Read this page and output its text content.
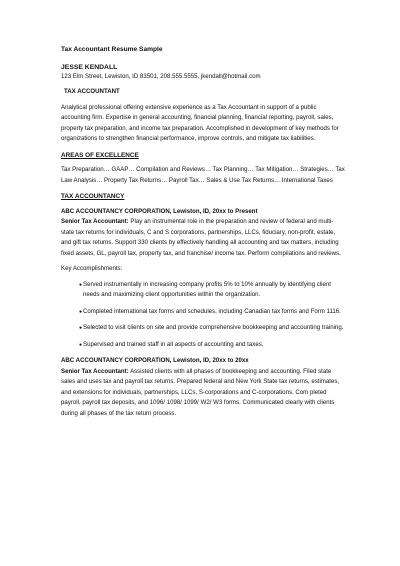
Tax Accountant Resume Sample
JESSE KENDALL
123 Elm Street, Lewiston, ID 83501, 208.555.5555, jkendall@hotmail.com
TAX ACCOUNTANT
Analytical professional offering extensive experience as a Tax Accountant in support of a public accounting firm. Expertise in general accounting, financial planning, financial reporting, payroll, sales, property tax preparation, and income tax preparation. Accomplished in development of key methods for organizations to strengthen financial performance, improve controls, and mitigate tax liabilities.
AREAS OF EXCELLENCE
Tax Preparation… GAAP… Compilation and Reviews… Tax Planning… Tax Mitigation… Strategies… Tax Law Analysis… Property Tax Returns… Payroll Tax… Sales & Use Tax Returns… International Taxes
TAX ACCOUNTANCY
ABC ACCOUNTANCY CORPORATION, Lewiston, ID, 20xx to Present
Senior Tax Accountant: Play an instrumental role in the preparation and review of federal and multi-state tax returns for individuals, C and S corporations, partnerships, LLCs, fiduciary, non-profit, estate, and gift tax returns. Support 330 clients by effectively handling all accounting and tax matters, including fixed assets, GL, payroll tax, property tax, and franchise/ income tax. Perform compilations and reviews.
Key Accomplishments:
● Served instrumentally in increasing company profits 5% to 10% annually by identifying client needs and maximizing client opportunities within the organization.
● Completed international tax forms and schedules, including Canadian tax forms and Form 1116.
● Selected to visit clients on site and provide comprehensive bookkeeping and accounting training.
● Supervised and trained staff in all aspects of accounting and taxes.
ABC ACCOUNTANCY CORPORATION, Lewiston, ID, 20xx to 20xx
Senior Tax Accountant: Assisted clients with all phases of bookkeeping and accounting. Filed state sales and uses tax and payroll tax returns. Prepared federal and New York State tax returns, estimates, and extensions for individuals, partnerships, LLCs, S-corporations and C-corporations. Com pleted payroll, payroll tax deposits, and 1096/ 1098/ 1099/ W2/ W3 forms. Communicated clearly with clients during all phases of the tax return process.
